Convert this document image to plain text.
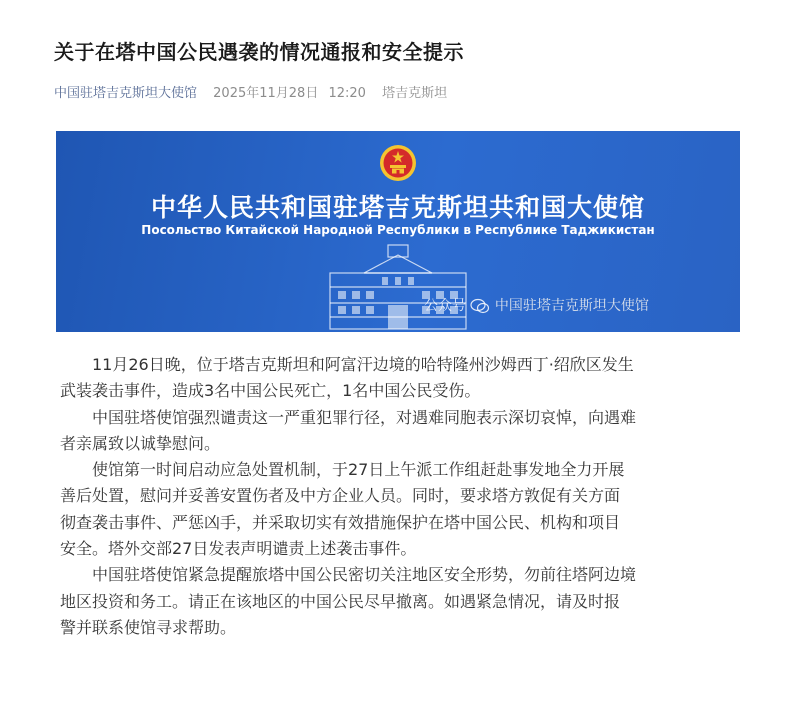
关于在塔中国公民遇袭的情况通报和安全提示
中国驻塔吉克斯坦大使馆 2025年11月28日 12:20 塔吉克斯坦
中华人民共和国驻塔吉克斯坦共和国大使馆
Посольство Китайской Народной Республики в Республике Таджикистан
公众号 中国驻塔吉克斯坦大使馆
11月26日晚，位于塔吉克斯坦和阿富汗边境的哈特隆州沙姆西丁·绍欣区发生
武装袭击事件，造成3名中国公民死亡，1名中国公民受伤。
中国驻塔使馆强烈谴责这一严重犯罪行径，对遇难同胞表示深切哀悼，向遇难
者亲属致以诚挚慰问。
使馆第一时间启动应急处置机制，于27日上午派工作组赶赴事发地全力开展
善后处置，慰问并妥善安置伤者及中方企业人员。同时，要求塔方敦促有关方面
彻查袭击事件、严惩凶手，并采取切实有效措施保护在塔中国公民、机构和项目
安全。塔外交部27日发表声明谴责上述袭击事件。
中国驻塔使馆紧急提醒旅塔中国公民密切关注地区安全形势，勿前往塔阿边境
地区投资和务工。请正在该地区的中国公民尽早撤离。如遇紧急情况，请及时报
警并联系使馆寻求帮助。
